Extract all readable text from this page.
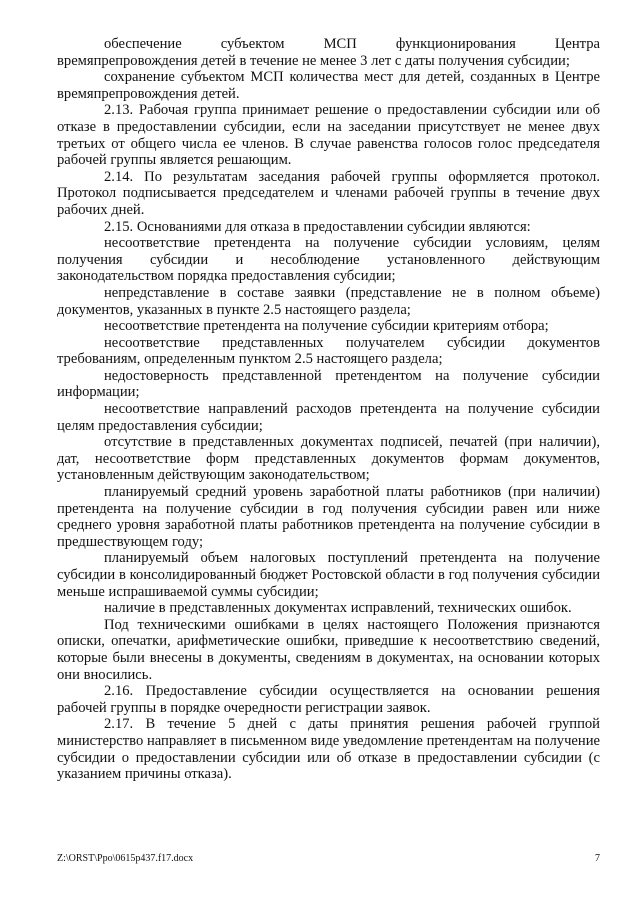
обеспечение субъектом МСП функционирования Центра времяпрепровождения детей в течение не менее 3 лет с даты получения субсидии;

сохранение субъектом МСП количества мест для детей, созданных в Центре времяпрепровождения детей.

2.13. Рабочая группа принимает решение о предоставлении субсидии или об отказе в предоставлении субсидии, если на заседании присутствует не менее двух третьих от общего числа ее членов. В случае равенства голосов голос председателя рабочей группы является решающим.

2.14. По результатам заседания рабочей группы оформляется протокол. Протокол подписывается председателем и членами рабочей группы в течение двух рабочих дней.

2.15. Основаниями для отказа в предоставлении субсидии являются:

несоответствие претендента на получение субсидии условиям, целям получения субсидии и несоблюдение установленного действующим законодательством порядка предоставления субсидии;

непредставление в составе заявки (представление не в полном объеме) документов, указанных в пункте 2.5 настоящего раздела;

несоответствие претендента на получение субсидии критериям отбора;

несоответствие представленных получателем субсидии документов требованиям, определенным пунктом 2.5 настоящего раздела;

недостоверность представленной претендентом на получение субсидии информации;

несоответствие направлений расходов претендента на получение субсидии целям предоставления субсидии;

отсутствие в представленных документах подписей, печатей (при наличии), дат, несоответствие форм представленных документов формам документов, установленным действующим законодательством;

планируемый средний уровень заработной платы работников (при наличии) претендента на получение субсидии в год получения субсидии равен или ниже среднего уровня заработной платы работников претендента на получение субсидии в предшествующем году;

планируемый объем налоговых поступлений претендента на получение субсидии в консолидированный бюджет Ростовской области в год получения субсидии меньше испрашиваемой суммы субсидии;

наличие в представленных документах исправлений, технических ошибок.

Под техническими ошибками в целях настоящего Положения признаются описки, опечатки, арифметические ошибки, приведшие к несоответствию сведений, которые были внесены в документы, сведениям в документах, на основании которых они вносились.

2.16. Предоставление субсидии осуществляется на основании решения рабочей группы в порядке очередности регистрации заявок.

2.17. В течение 5 дней с даты принятия решения рабочей группой министерство направляет в письменном виде уведомление претендентам на получение субсидии о предоставлении субсидии или об отказе в предоставлении субсидии (с указанием причины отказа).

Z:\ORST\Ppo\0615p437.f17.docx	7
